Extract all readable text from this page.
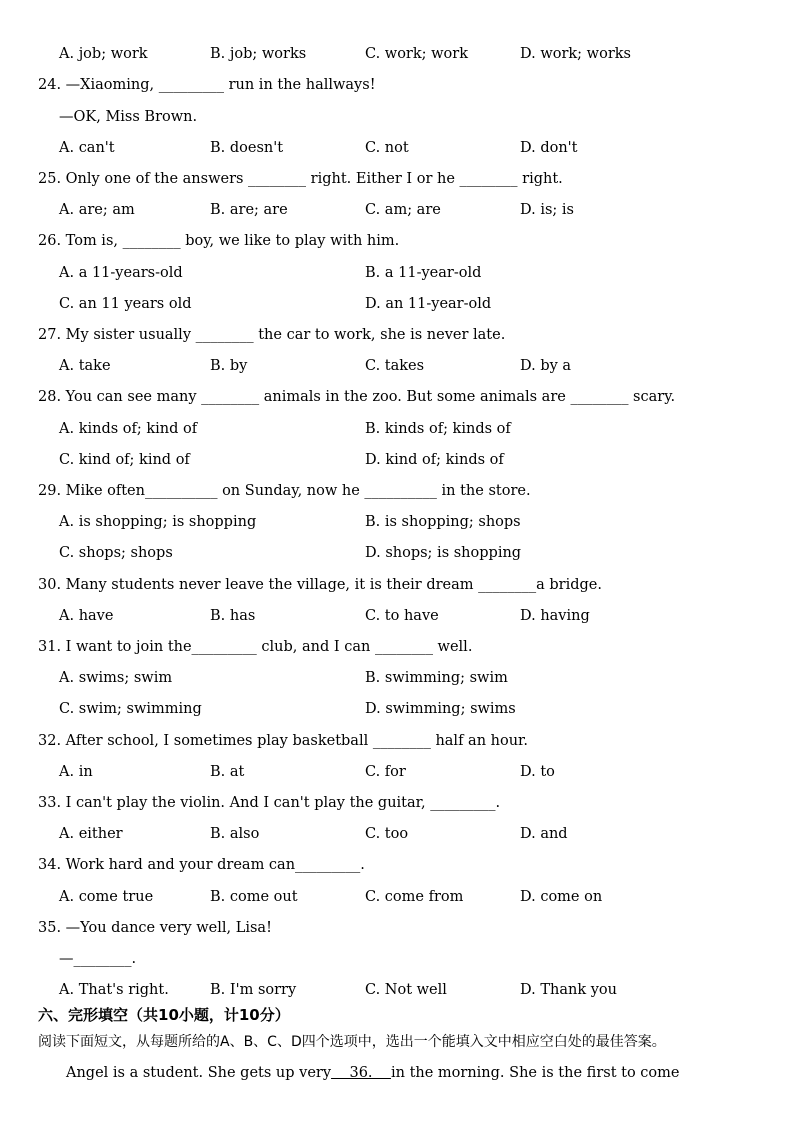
A. job; work	B. job; works	C. work; work	D. work; works
24. —Xiaoming, _________ run in the hallways!
—OK, Miss Brown.
A. can't	B. doesn't	C. not	D. don't
25. Only one of the answers ________ right. Either I or he ________ right.
A. are; am	B. are; are	C. am; are	D. is; is
26. Tom is, ________ boy, we like to play with him.
A. a 11-years-old	B. a 11-year-old
C. an 11 years old	D. an 11-year-old
27. My sister usually ________ the car to work, she is never late.
A. take	B. by	C. takes	D. by a
28. You can see many ________ animals in the zoo. But some animals are ________ scary.
A. kinds of; kind of	B. kinds of; kinds of
C. kind of; kind of	D. kind of; kinds of
29. Mike often__________ on Sunday, now he __________ in the store.
A. is shopping; is shopping	B. is shopping; shops
C. shops; shops	D. shops; is shopping
30. Many students never leave the village, it is their dream ________a bridge.
A. have	B. has	C. to have	D. having
31. I want to join the_________ club, and I can ________ well.
A. swims; swim	B. swimming; swim
C. swim; swimming	D. swimming; swims
32. After school, I sometimes play basketball ________ half an hour.
A. in	B. at	C. for	D. to
33. I can't play the violin. And I can't play the guitar, _________.
A. either	B. also	C. too	D. and
34. Work hard and your dream can_________.
A. come true	B. come out	C. come from	D. come on
35. —You dance very well, Lisa!
—________.
A. That's right.	B. I'm sorry	C. Not well	D. Thank you
六、完形填空（共10小题，计10分）
阅读下面短文，从每题所给的A、B、C、D四个选项中，选出一个能填入文中相应空白处的最佳答案。
Angel is a student. She gets up very    36.    in the morning. She is the first to come
